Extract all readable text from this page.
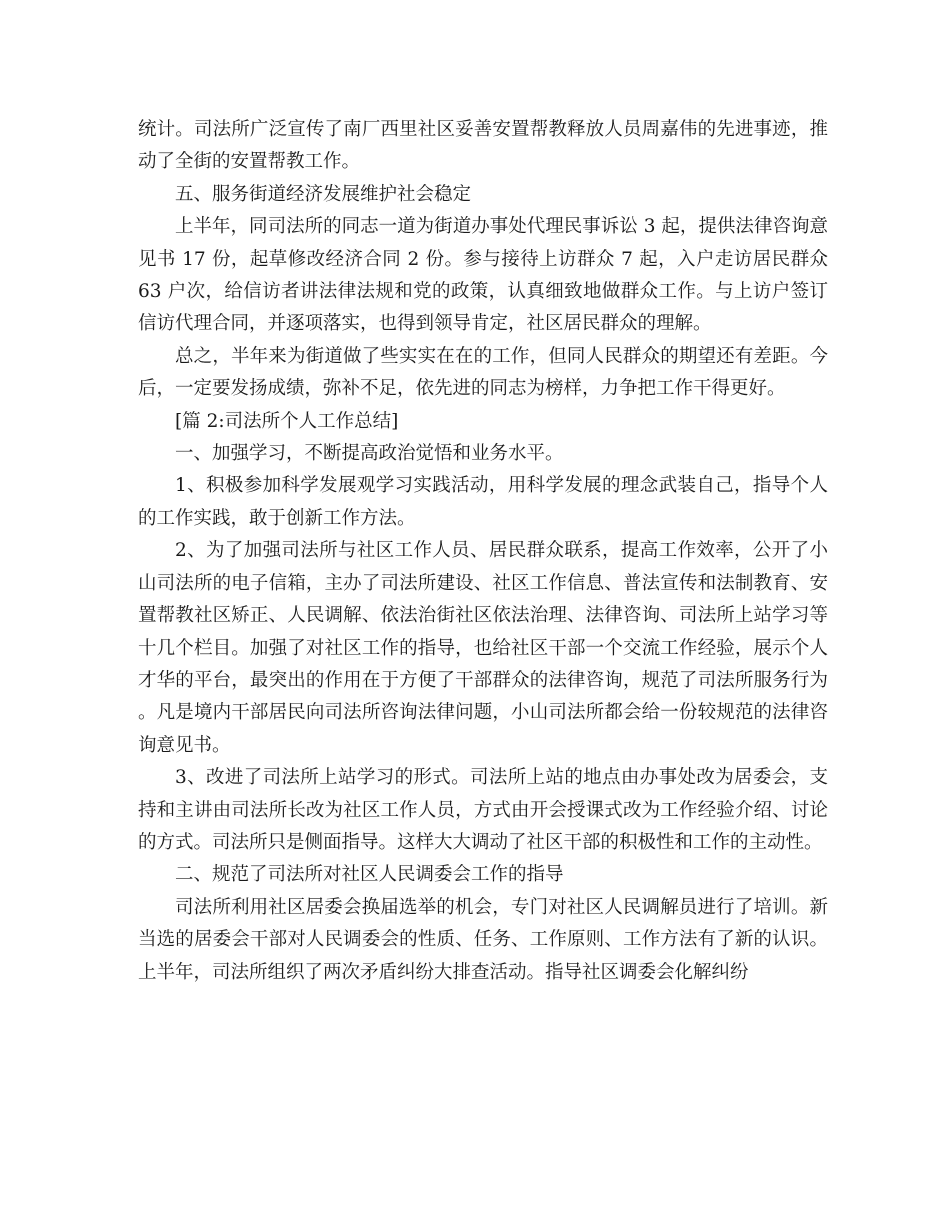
统计。司法所广泛宣传了南厂西里社区妥善安置帮教释放人员周嘉伟的先进事迹，推动了全街的安置帮教工作。

五、服务街道经济发展维护社会稳定

上半年，同司法所的同志一道为街道办事处代理民事诉讼 3 起，提供法律咨询意见书 17 份，起草修改经济合同 2 份。参与接待上访群众 7 起，入户走访居民群众 63 户次，给信访者讲法律法规和党的政策，认真细致地做群众工作。与上访户签订信访代理合同，并逐项落实，也得到领导肯定，社区居民群众的理解。

总之，半年来为街道做了些实实在在的工作，但同人民群众的期望还有差距。今后，一定要发扬成绩，弥补不足，依先进的同志为榜样，力争把工作干得更好。

[篇 2:司法所个人工作总结]

一、加强学习，不断提高政治觉悟和业务水平。

1、积极参加科学发展观学习实践活动，用科学发展的理念武装自己，指导个人的工作实践，敢于创新工作方法。

2、为了加强司法所与社区工作人员、居民群众联系，提高工作效率，公开了小山司法所的电子信箱，主办了司法所建设、社区工作信息、普法宣传和法制教育、安置帮教社区矫正、人民调解、依法治街社区依法治理、法律咨询、司法所上站学习等十几个栏目。加强了对社区工作的指导，也给社区干部一个交流工作经验，展示个人才华的平台，最突出的作用在于方便了干部群众的法律咨询，规范了司法所服务行为。凡是境内干部居民向司法所咨询法律问题，小山司法所都会给一份较规范的法律咨询意见书。

3、改进了司法所上站学习的形式。司法所上站的地点由办事处改为居委会，支持和主讲由司法所长改为社区工作人员，方式由开会授课式改为工作经验介绍、讨论的方式。司法所只是侧面指导。这样大大调动了社区干部的积极性和工作的主动性。

二、规范了司法所对社区人民调委会工作的指导

司法所利用社区居委会换届选举的机会，专门对社区人民调解员进行了培训。新当选的居委会干部对人民调委会的性质、任务、工作原则、工作方法有了新的认识。上半年，司法所组织了两次矛盾纠纷大排查活动。指导社区调委会化解纠纷
